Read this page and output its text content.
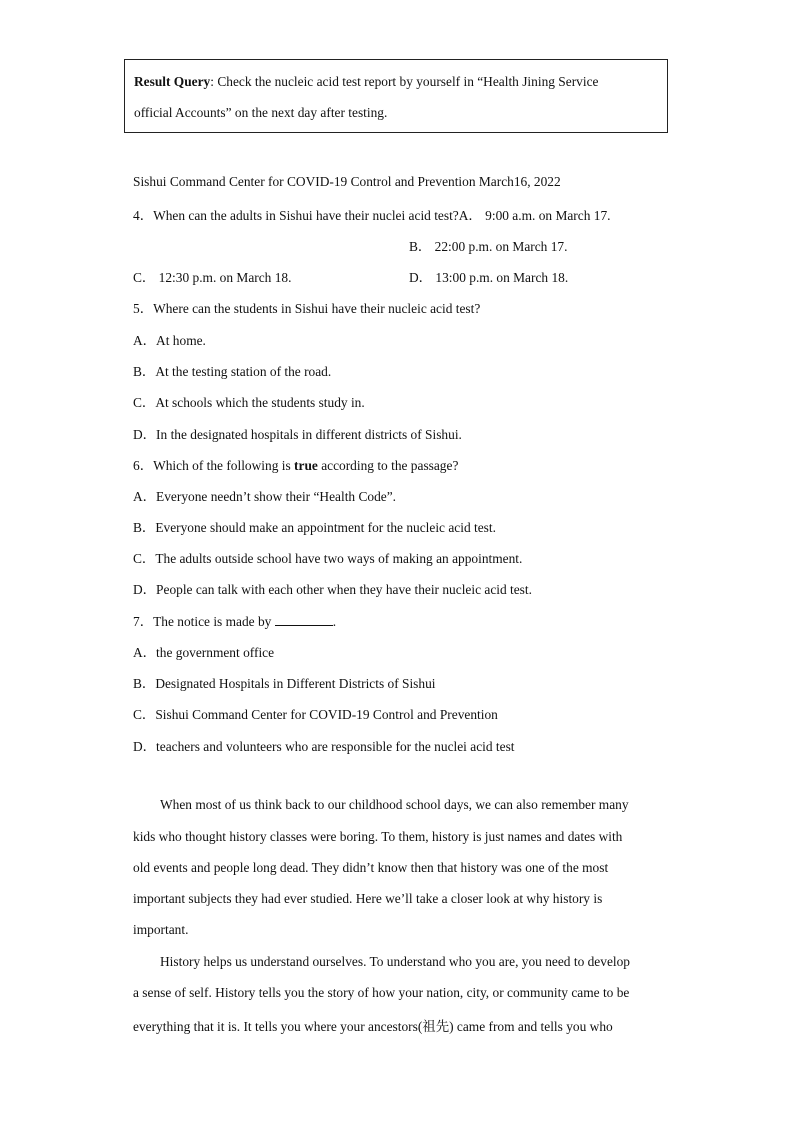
Result Query: Check the nucleic acid test report by yourself in “Health Jining Service
official Accounts” on the next day after testing.
Sishui Command Center for COVID-19 Control and Prevention March16, 2022
4．When can the adults in Sishui have their nuclei acid test?A． 9:00 a.m. on March 17.
B． 22:00 p.m. on March 17.
C． 12:30 p.m. on March 18.	D． 13:00 p.m. on March 18.
5．Where can the students in Sishui have their nucleic acid test?
A．At home.
B．At the testing station of the road.
C．At schools which the students study in.
D．In the designated hospitals in different districts of Sishui.
6．Which of the following is true according to the passage?
A．Everyone needn’t show their “Health Code”.
B．Everyone should make an appointment for the nucleic acid test.
C．The adults outside school have two ways of making an appointment.
D．People can talk with each other when they have their nucleic acid test.
7．The notice is made by	.
A．the government office
B．Designated Hospitals in Different Districts of Sishui
C．Sishui Command Center for COVID-19 Control and Prevention
D．teachers and volunteers who are responsible for the nuclei acid test
When most of us think back to our childhood school days, we can also remember many
kids who thought history classes were boring. To them, history is just names and dates with
old events and people long dead. They didn’t know then that history was one of the most
important subjects they had ever studied. Here we’ll take a closer look at why history is
important.
History helps us understand ourselves. To understand who you are, you need to develop
a sense of self. History tells you the story of how your nation, city, or community came to be
everything that it is. It tells you where your ancestors(祖先) came from and tells you who
